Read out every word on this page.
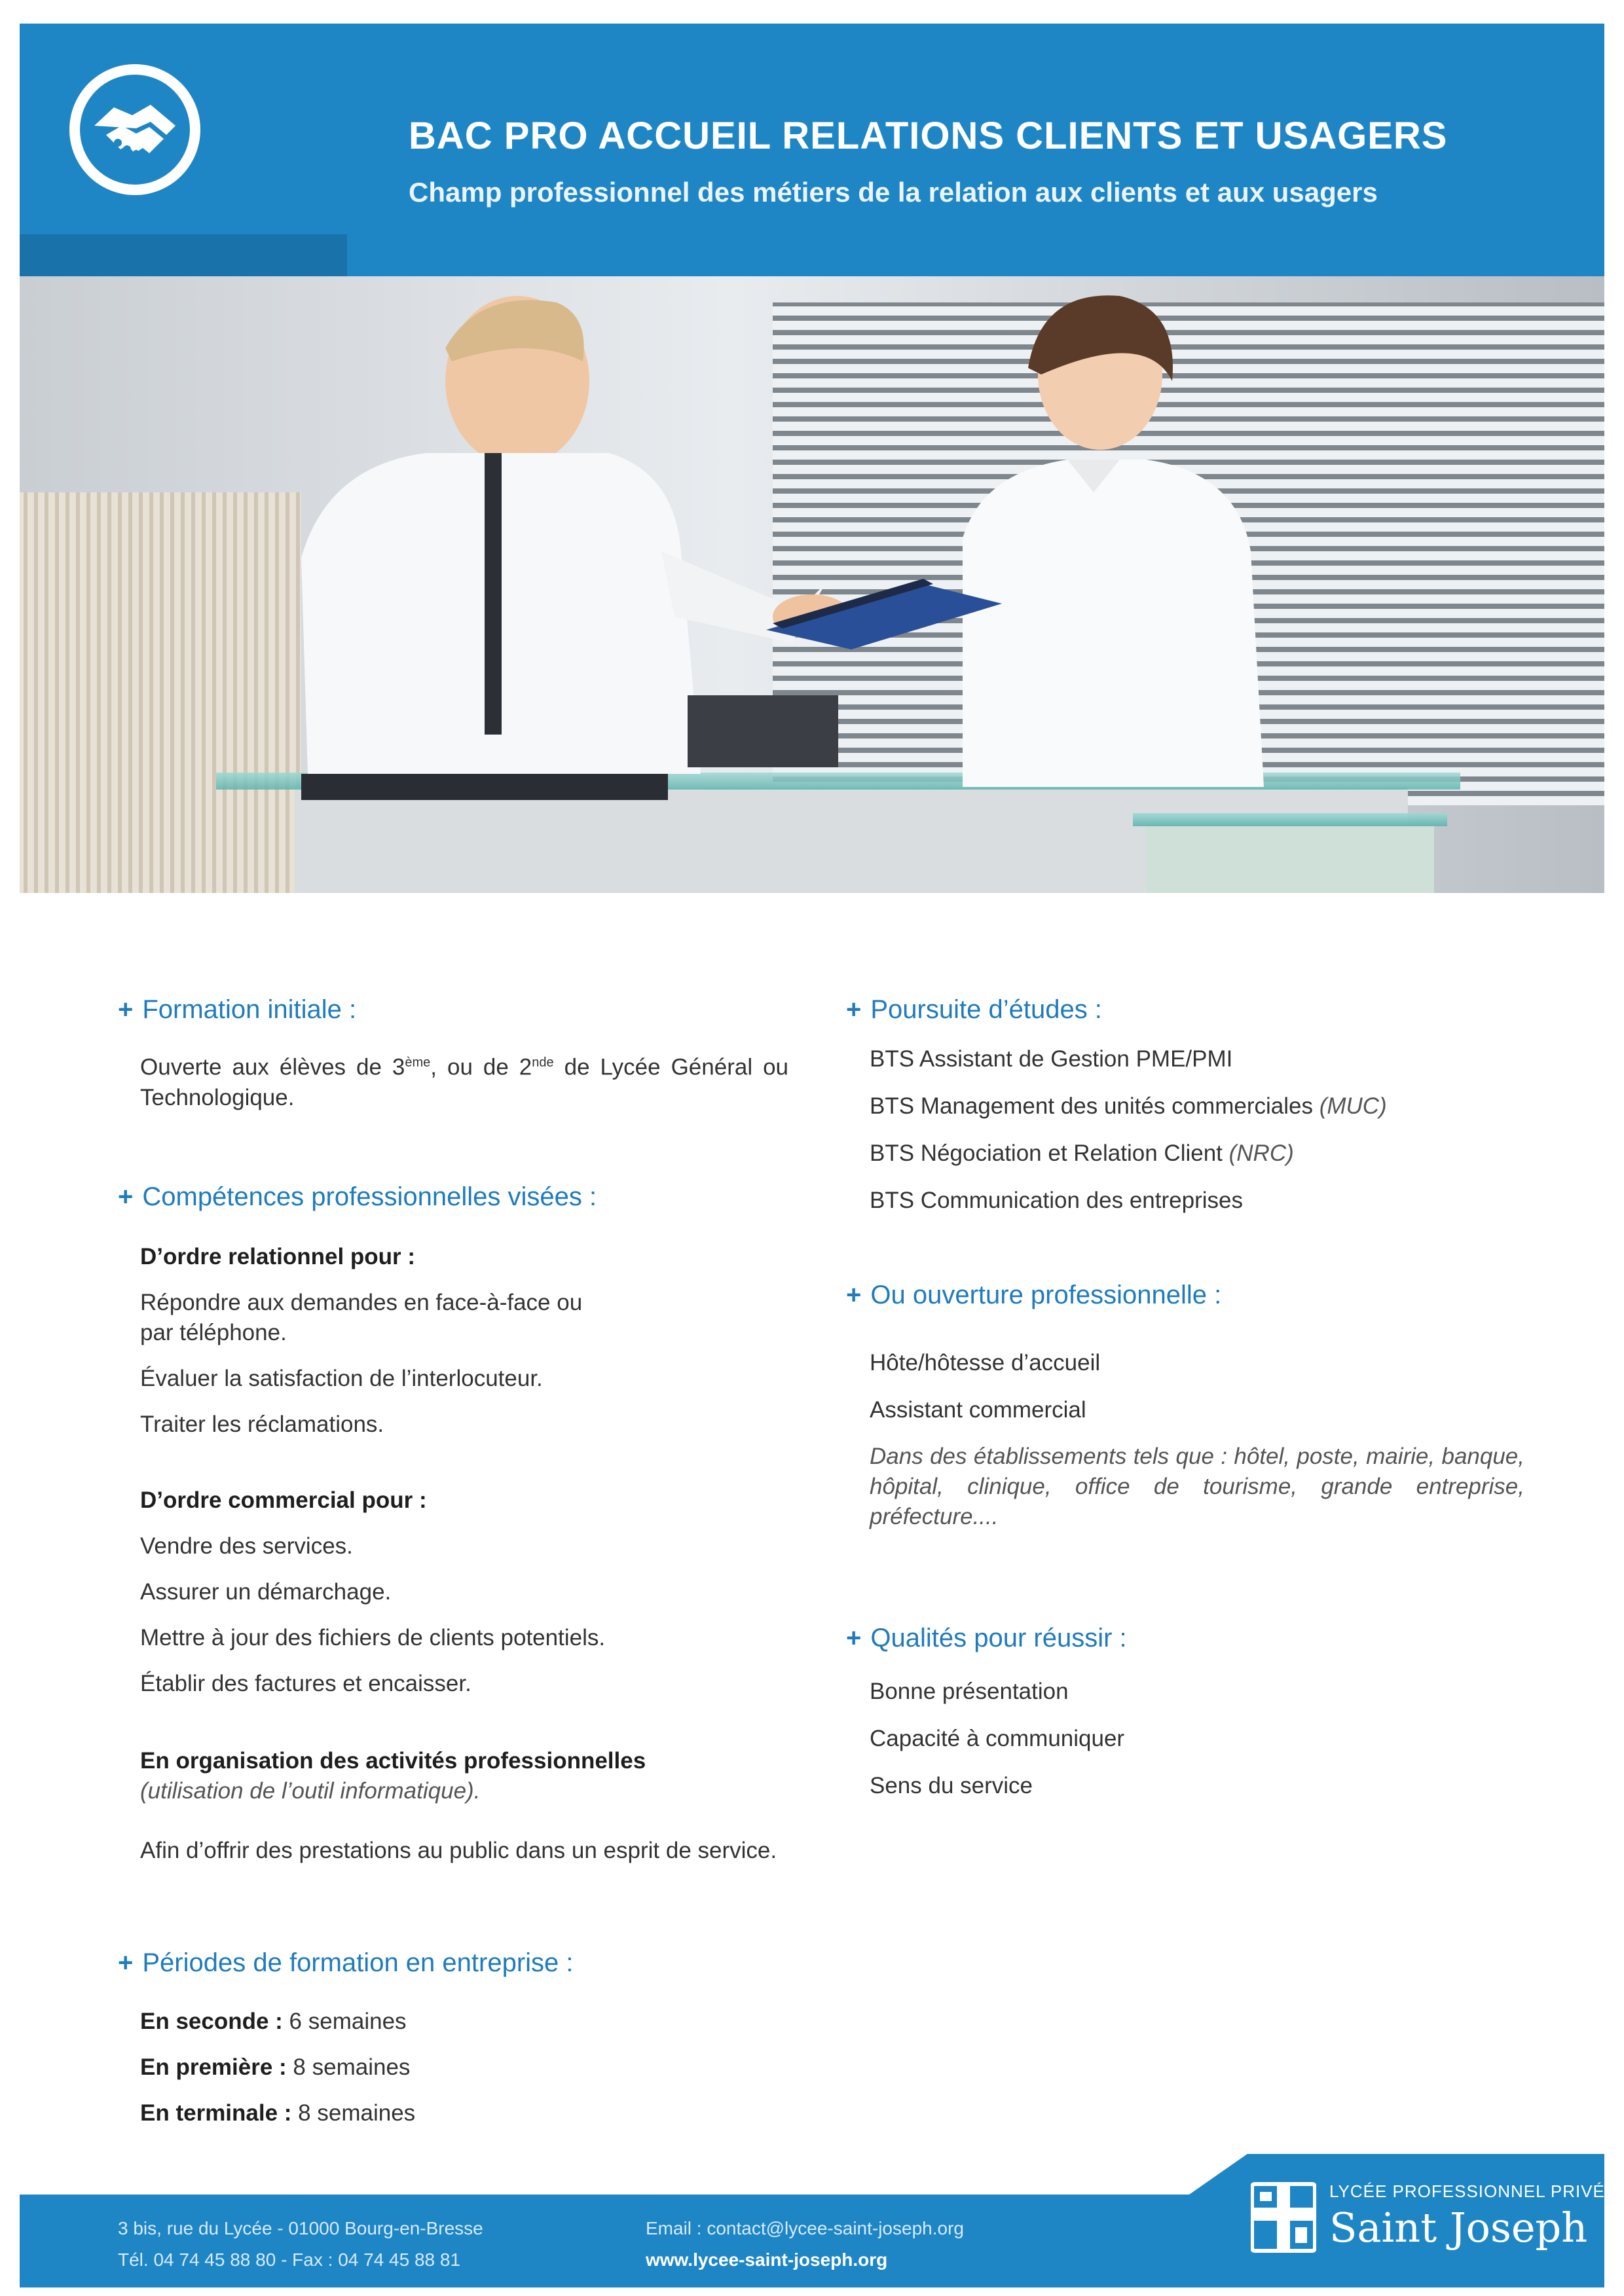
BAC PRO ACCUEIL RELATIONS CLIENTS ET USAGERS
Champ professionnel des métiers de la relation aux clients et aux usagers
+ Formation initiale :
Ouverte aux élèves de 3ème, ou de 2nde de Lycée Général ou Technologique.
+ Compétences professionnelles visées :
D’ordre relationnel pour :
Répondre aux demandes en face-à-face ou
par téléphone.
Évaluer la satisfaction de l’interlocuteur.
Traiter les réclamations.
D’ordre commercial pour :
Vendre des services.
Assurer un démarchage.
Mettre à jour des fichiers de clients potentiels.
Établir des factures et encaisser.
En organisation des activités professionnelles
(utilisation de l’outil informatique).
Afin d’offrir des prestations au public dans un esprit de service.
+ Périodes de formation en entreprise :
En seconde : 6 semaines
En première : 8 semaines
En terminale : 8 semaines
+ Poursuite d’études :
BTS Assistant de Gestion PME/PMI
BTS Management des unités commerciales (MUC)
BTS Négociation et Relation Client (NRC)
BTS Communication des entreprises
+ Ou ouverture professionnelle :
Hôte/hôtesse d’accueil
Assistant commercial
Dans des établissements tels que : hôtel, poste, mairie, banque, hôpital, clinique, office de tourisme, grande entreprise, préfecture....
+ Qualités pour réussir :
Bonne présentation
Capacité à communiquer
Sens du service
3 bis, rue du Lycée - 01000 Bourg-en-Bresse
Tél. 04 74 45 88 80 - Fax : 04 74 45 88 81
Email : contact@lycee-saint-joseph.org
www.lycee-saint-joseph.org
LYCÉE PROFESSIONNEL PRIVÉ
Saint Joseph
